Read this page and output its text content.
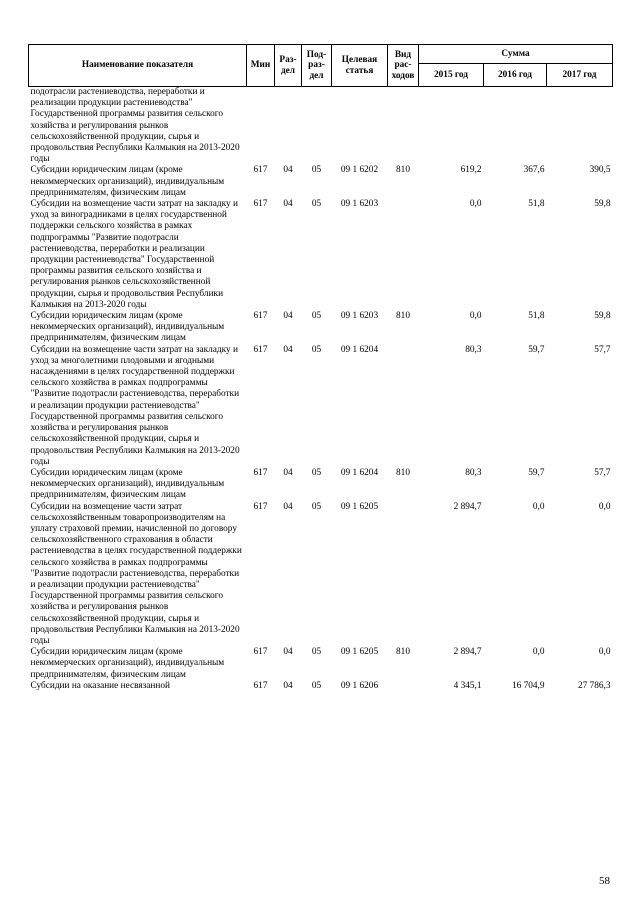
Наименование показателя	Мин	Раз-дел	Под-раз-дел	Целевая статья	Вид рас-ходов	Сумма		
						2015 год	2016 год	2017 год
подотрасли растениеводства, переработки и реализации продукции растениеводства" Государственной программы развития сельского хозяйства и регулирования рынков сельскохозяйственной продукции, сырья и продовольствия Республики Калмыкия на 2013-2020 годы								
Субсидии юридическим лицам (кроме некоммерческих организаций), индивидуальным предпринимателям, физическим лицам	617	04	05	09 1 6202	810	619,2	367,6	390,5
Субсидии на возмещение части затрат на закладку и уход за виноградниками в целях государственной поддержки сельского хозяйства в рамках подпрограммы "Развитие подотрасли растениеводства, переработки и реализации продукции растениеводства" Государственной программы развития сельского хозяйства и регулирования рынков сельскохозяйственной продукции, сырья и продовольствия Республики Калмыкия на 2013-2020 годы	617	04	05	09 1 6203		0,0	51,8	59,8
Субсидии юридическим лицам (кроме некоммерческих организаций), индивидуальным предпринимателям, физическим лицам	617	04	05	09 1 6203	810	0,0	51,8	59,8
Субсидии на возмещение части затрат на закладку и уход за многолетними плодовыми и ягодными насаждениями в целях государственной поддержки сельского хозяйства в рамках подпрограммы "Развитие подотрасли растениеводства, переработки и реализации продукции растениеводства" Государственной программы развития сельского хозяйства и регулирования рынков сельскохозяйственной продукции, сырья и продовольствия Республики Калмыкия на 2013-2020 годы	617	04	05	09 1 6204		80,3	59,7	57,7
Субсидии юридическим лицам (кроме некоммерческих организаций), индивидуальным предпринимателям, физическим лицам	617	04	05	09 1 6204	810	80,3	59,7	57,7
Субсидии на возмещение части затрат сельскохозяйственным товаропроизводителям на уплату страховой премии, начисленной по договору сельскохозяйственного страхования в области растениеводства в целях государственной поддержки сельского хозяйства в рамках подпрограммы "Развитие подотрасли растениеводства, переработки и реализации продукции растениеводства" Государственной программы развития сельского хозяйства и регулирования рынков сельскохозяйственной продукции, сырья и продовольствия Республики Калмыкия на 2013-2020 годы	617	04	05	09 1 6205		2 894,7	0,0	0,0
Субсидии юридическим лицам (кроме некоммерческих организаций), индивидуальным предпринимателям, физическим лицам	617	04	05	09 1 6205	810	2 894,7	0,0	0,0
Субсидии на оказание несвязанной	617	04	05	09 1 6206		4 345,1	16 704,9	27 786,3
58
